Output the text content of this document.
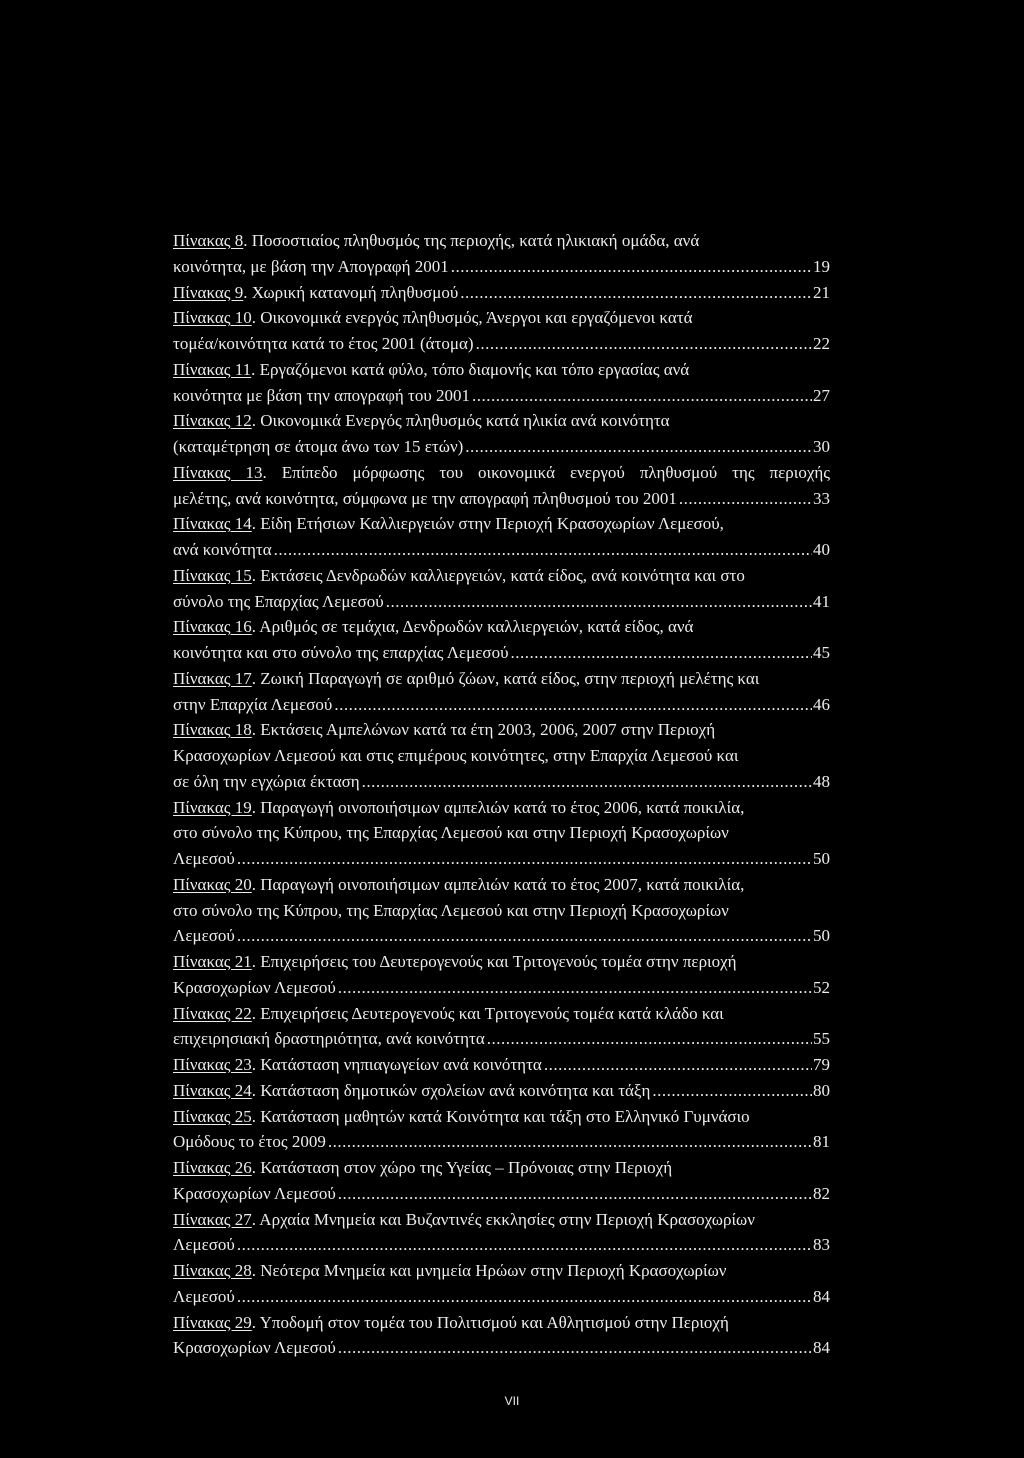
Πίνακας 8. Ποσοστιαίος πληθυσμός της περιοχής, κατά ηλικιακή ομάδα, ανά
κοινότητα, με βάση την Απογραφή 2001 .....	19
Πίνακας 9. Χωρική κατανομή πληθυσμού .....	21
Πίνακας 10. Οικονομικά ενεργός πληθυσμός, Άνεργοι και εργαζόμενοι κατά
τομέα/κοινότητα κατά το έτος 2001 (άτομα) .....	22
Πίνακας 11. Εργαζόμενοι κατά φύλο, τόπο διαμονής και τόπο εργασίας ανά
κοινότητα με βάση την απογραφή του 2001 .....	27
Πίνακας 12. Οικονομικά Ενεργός πληθυσμός κατά ηλικία ανά κοινότητα
(καταμέτρηση σε άτομα άνω των 15 ετών) .....	30
Πίνακας 13. Επίπεδο μόρφωσης του οικονομικά ενεργού πληθυσμού της περιοχής
μελέτης, ανά κοινότητα, σύμφωνα με την απογραφή πληθυσμού του 2001 .....	33
Πίνακας 14. Είδη Ετήσιων Καλλιεργειών στην Περιοχή Κρασοχωρίων Λεμεσού,
ανά κοινότητα .....	40
Πίνακας 15. Εκτάσεις Δενδρωδών καλλιεργειών, κατά είδος, ανά κοινότητα και στο
σύνολο της Επαρχίας Λεμεσού .....	41
Πίνακας 16. Αριθμός σε τεμάχια, Δενδρωδών καλλιεργειών, κατά είδος, ανά
κοινότητα και στο σύνολο της επαρχίας Λεμεσού .....	45
Πίνακας 17. Ζωική Παραγωγή σε αριθμό ζώων, κατά είδος, στην περιοχή μελέτης και
στην Επαρχία Λεμεσού .....	46
Πίνακας 18. Εκτάσεις Αμπελώνων κατά τα έτη 2003, 2006, 2007 στην Περιοχή
Κρασοχωρίων Λεμεσού και στις επιμέρους κοινότητες, στην Επαρχία Λεμεσού και
σε όλη την εγχώρια έκταση .....	48
Πίνακας 19. Παραγωγή οινοποιήσιμων αμπελιών κατά το έτος 2006, κατά ποικιλία,
στο σύνολο της Κύπρου, της Επαρχίας Λεμεσού και στην Περιοχή Κρασοχωρίων
Λεμεσού .....	50
Πίνακας 20. Παραγωγή οινοποιήσιμων αμπελιών κατά το έτος 2007, κατά ποικιλία,
στο σύνολο της Κύπρου, της Επαρχίας Λεμεσού και στην Περιοχή Κρασοχωρίων
Λεμεσού .....	50
Πίνακας 21. Επιχειρήσεις του Δευτερογενούς και Τριτογενούς τομέα στην περιοχή
Κρασοχωρίων Λεμεσού .....	52
Πίνακας 22. Επιχειρήσεις Δευτερογενούς και Τριτογενούς τομέα κατά κλάδο και
επιχειρησιακή δραστηριότητα, ανά κοινότητα .....	55
Πίνακας 23. Κατάσταση νηπιαγωγείων ανά κοινότητα .....	79
Πίνακας 24. Κατάσταση δημοτικών σχολείων ανά κοινότητα και τάξη .....	80
Πίνακας 25. Κατάσταση μαθητών κατά Κοινότητα και τάξη στο Ελληνικό Γυμνάσιο
Ομόδους το έτος 2009 .....	81
Πίνακας 26. Κατάσταση στον χώρο της Υγείας – Πρόνοιας στην Περιοχή
Κρασοχωρίων Λεμεσού .....	82
Πίνακας 27. Αρχαία Μνημεία και Βυζαντινές εκκλησίες στην Περιοχή Κρασοχωρίων
Λεμεσού .....	83
Πίνακας 28. Νεότερα Μνημεία και μνημεία Ηρώων στην Περιοχή Κρασοχωρίων
Λεμεσού .....	84
Πίνακας 29. Υποδομή στον τομέα του Πολιτισμού και Αθλητισμού στην Περιοχή
Κρασοχωρίων Λεμεσού .....	84
VII
